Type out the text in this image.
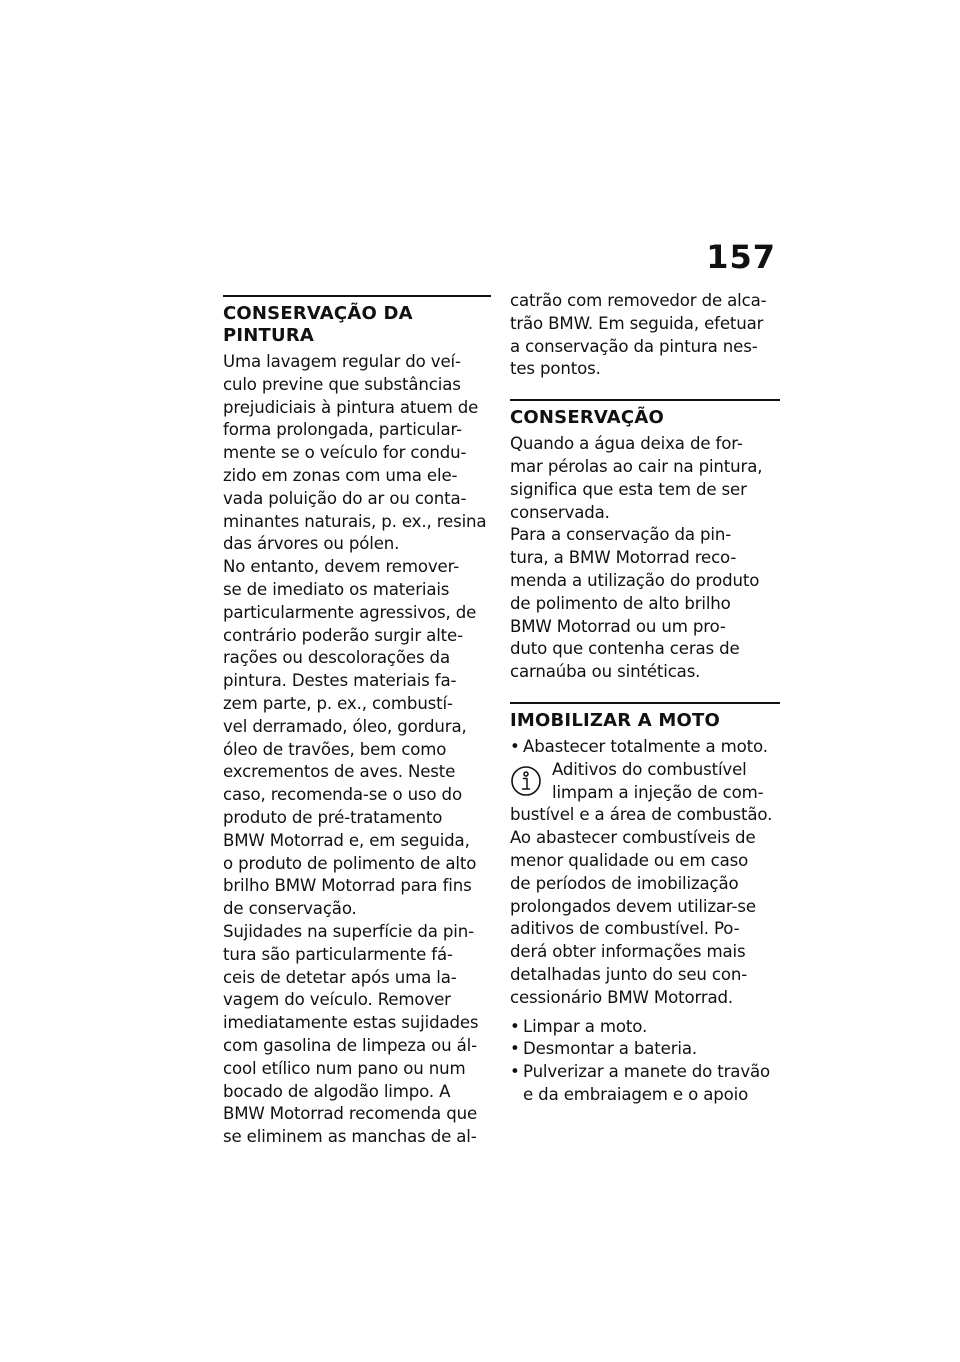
157
CONSERVAÇÃO DA PINTURA
Uma lavagem regular do veí-
culo previne que substâncias
prejudiciais à pintura atuem de
forma prolongada, particular-
mente se o veículo for condu-
zido em zonas com uma ele-
vada poluição do ar ou conta-
minantes naturais, p. ex., resina
das árvores ou pólen.
No entanto, devem remover-
se de imediato os materiais
particularmente agressivos, de
contrário poderão surgir alte-
rações ou descolorações da
pintura. Destes materiais fa-
zem parte, p. ex., combustí-
vel derramado, óleo, gordura,
óleo de travões, bem como
excrementos de aves. Neste
caso, recomenda-se o uso do
produto de pré-tratamento
BMW Motorrad e, em seguida,
o produto de polimento de alto
brilho BMW Motorrad para fins
de conservação.
Sujidades na superfície da pin-
tura são particularmente fá-
ceis de detetar após uma la-
vagem do veículo. Remover
imediatamente estas sujidades
com gasolina de limpeza ou ál-
cool etílico num pano ou num
bocado de algodão limpo. A
BMW Motorrad recomenda que
se eliminem as manchas de al-
catrão com removedor de alca-
trão BMW. Em seguida, efetuar
a conservação da pintura nes-
tes pontos.
CONSERVAÇÃO
Quando a água deixa de for-
mar pérolas ao cair na pintura,
significa que esta tem de ser
conservada.
Para a conservação da pin-
tura, a BMW Motorrad reco-
menda a utilização do produto
de polimento de alto brilho
BMW Motorrad ou um pro-
duto que contenha ceras de
carnaúba ou sintéticas.
IMOBILIZAR A MOTO
• Abastecer totalmente a moto.
Aditivos do combustível
limpam a injeção de com-
bustível e a área de combustão.
Ao abastecer combustíveis de
menor qualidade ou em caso
de períodos de imobilização
prolongados devem utilizar-se
aditivos de combustível. Po-
derá obter informações mais
detalhadas junto do seu con-
cessionário BMW Motorrad.
• Limpar a moto.
• Desmontar a bateria.
• Pulverizar a manete do travão
e da embraiagem e o apoio
